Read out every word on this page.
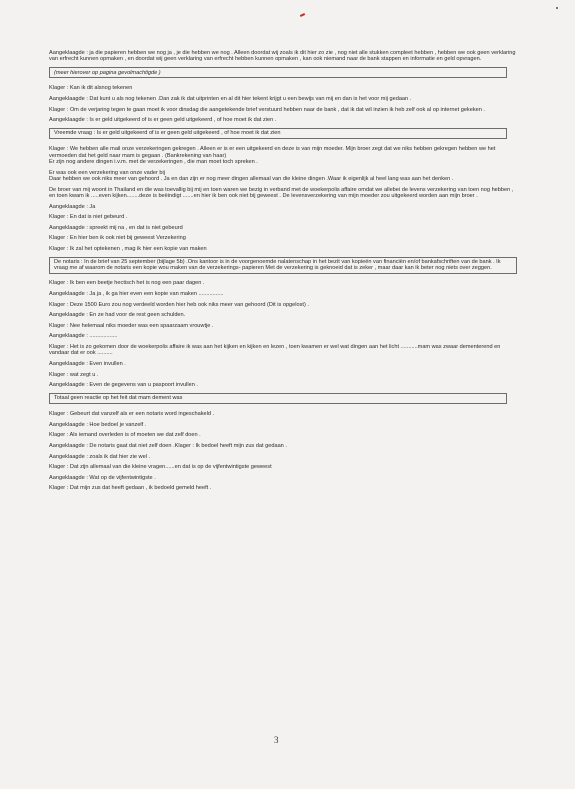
Aangeklaagde : ja die papieren hebben we nog ja , je die hebben we nog . Alleen doordat wij zoals ik dit hier zo zie , nog niet alle stukken compleet hebben , hebben we ook geen verklaring van erfrecht kunnen opmaken , en doordat wij geen verklaring van erfrecht hebben kunnen opmaken , kan ook niemand naar de bank stappen en informatie en geld opvragen.

(meer hierover op pagina gevolmachtigde )

Klager : Kan ik dit alsnog tekenen

Aangeklaagde : Dat kunt u als nog tekenen .Dan zak ik dat uitprinten en al dit hier tekent krijgt u een bewijs van mij en dan is het voor mij gedaan .

Klager : Om de verjaring tegen te gaan moet ik voor dinsdag die aangetekende brief verstuurd hebben naar de bank , dat ik dat wil inzien ik heb zelf ook al op internet gekeken .

Aangeklaagde : Is er geld uitgekeerd of is er geen geld uitgekeerd , of hoe moet ik dat zien .

Vreemde vraag : Is er geld uitgekeerd of is er geen geld uitgekeerd , of hoe moet ik dat zien

Klager : We hebben alle mail onze verzekeringen gekregen . Alleen er is er een uitgekeerd en deze is van mijn moeder. Mijn broer zegt dat we niks hebben gekregen hebben we het vermoeden dat het geld naar mam is gegaan . (Bankrekening van haar)

Er zijn nog andere dingen i.v.m. met de verzekeringen , die man moet toch spreken .

Er was ook een verzekering van onze vader bij

Daar hebben we ook niks meer van gehoord . Ja en dan zijn er nog meer dingen allemaal van die kleine dingen .Waar ik eigenlijk al heel lang was aan het denken .

De broer van mij woont in Thailand en die was toevallig bij mij en toen waren we bezig in verband met de woekerpolis affaire omdat we allebei de levens verzekering van toen nog hebben , en toen kwam ik .....even kijken........deze is beëindigt .......en hier ik ben ook niet bij geweest . De levensverzekering van mijn moeder zou uitgekeerd worden aan mijn broer .

Aangeklaagde : Ja

Klager : En dat is niet gebeurd .

Aangeklaagde : spreekt mij na , en dat is niet gebeurd

Klager : En hier ben ik ook niet bij geweest Verzekering

Klager : Ik zal het optekenen , mag ik hier een kopie van maken

De notaris : In de brief van 25 september (bijlage 5b) .Ons kantoor is in de voorgenoemde nalatenschap in het bezit van kopieën van financiën en/of bankafschriften van de bank . Ik vraag me af waarom de notaris een kopie wou maken van de verzekerings- papieren Met de verzekering is geknoeid dat is zeker , maar daar kan ik beter nog niets over zeggen.

Klager : Ik ben een beetje hectisch het is nog een paar dagen .

Aangeklaagde : Ja ja , ik ga hier even een kopie van maken ................

Klager : Deze 1500 Euro zou nog verdeeld worden hier heb ook niks meer van gehoord (Dit is opgelost) .

Aangeklaagde : En ze had voor de rest geen schulden.

Klager : Nee helemaal niks moeder was een spaarzaam vrouwtje .

Aangeklaagde : ..................

Klager : Het is zo gekomen door de woekerpolis affaire ik was aan het kijken en kijken en lezen , toen kwamen er wel wat dingen aan het licht ...........mam was zwaar dementerend en vandaar dat er ook ..........

Aangeklaagde : Even invullen .

Klager : wat zegt u .

Aangeklaagde : Even de gegevens van u paspoort invullen .

Totaal geen reactie op het feit dat mam dement was

Klager : Gebeurt dat vanzelf als er een notaris word ingeschakeld .

Aangeklaagde : Hoe bedoel je vanzelf .

Klager : Als iemand overleden is of moeten we dat zelf doen .

Aangeklaagde : De notaris gaat dat niet zelf doen .Klager : Ik bedoel heeft mijn zus dat gedaan .

Aangeklaagde : zoals ik dat hier zie wel .

Klager : Dat zijn allemaal van die kleine vragen......en dat is op de vijfentwintigste geweest

Aangeklaagde : Wat op de vijfentwintigste .

Klager : Dat mijn zus dat heeft gedaan , ik bedoeld gemeld heeft .

3
